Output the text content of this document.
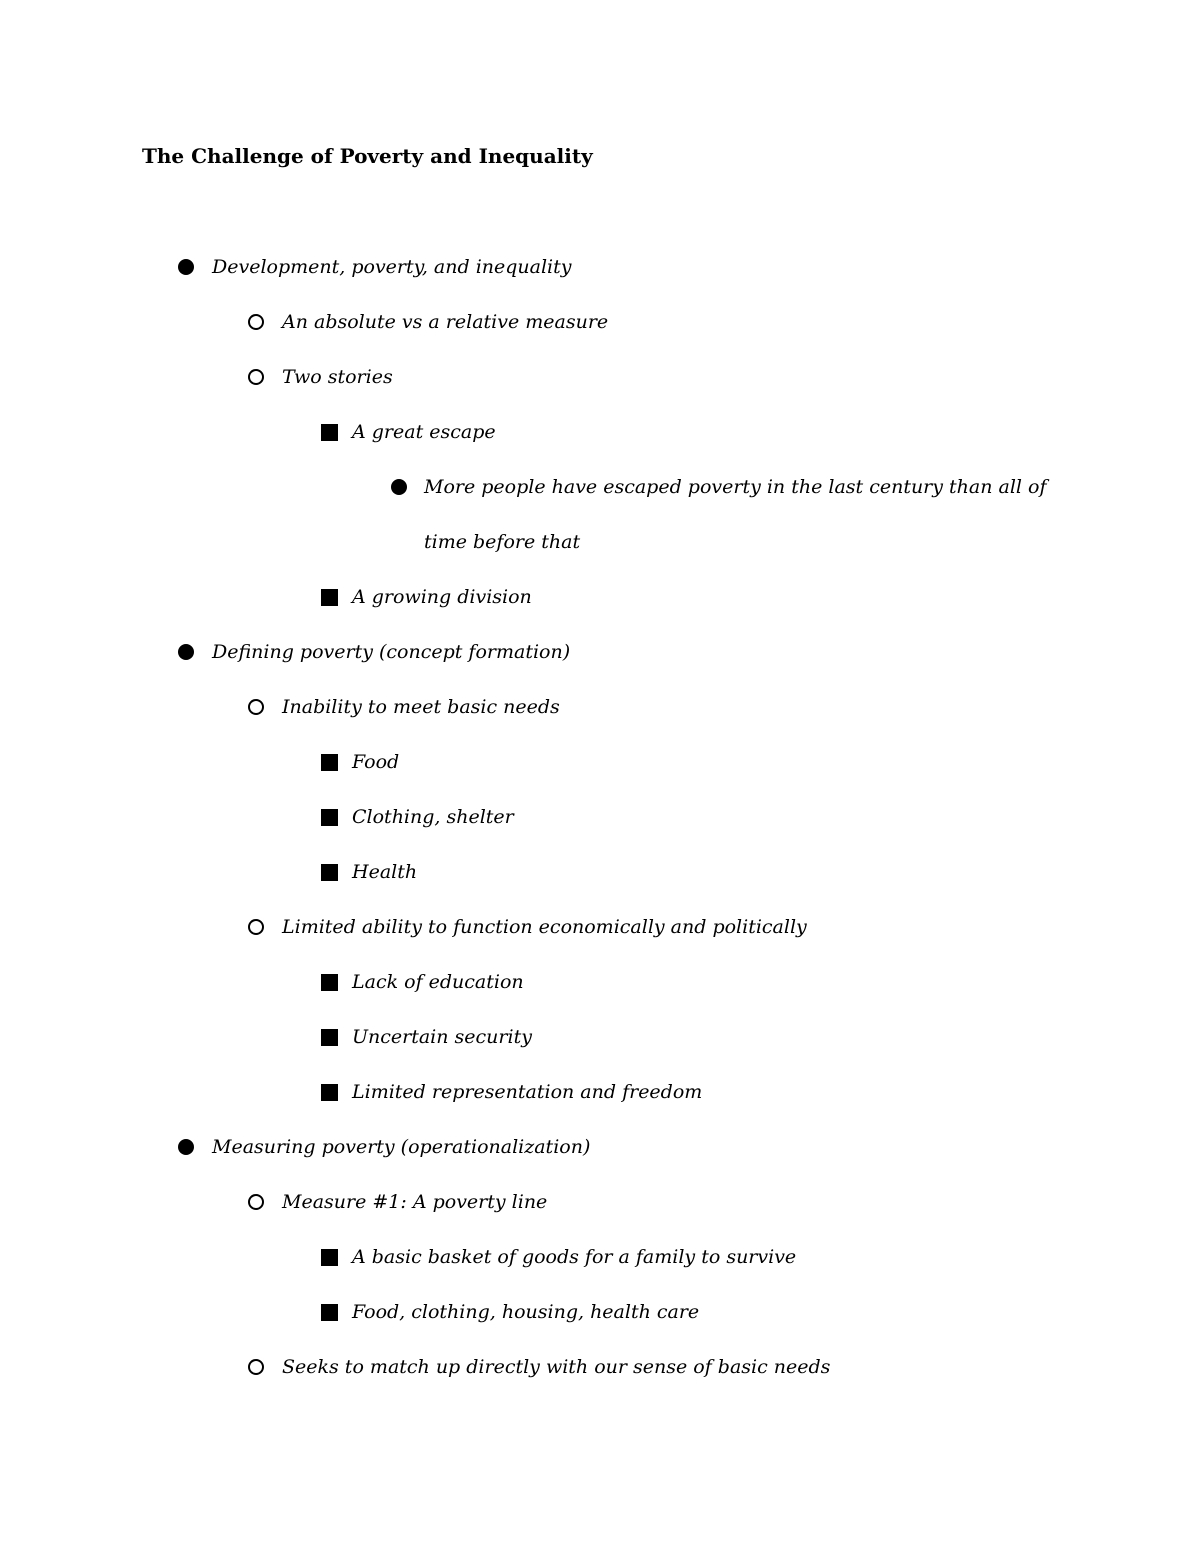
The Challenge of Poverty and Inequality
Development, poverty, and inequality
An absolute vs a relative measure
Two stories
A great escape
More people have escaped poverty in the last century than all of
time before that
A growing division
Defining poverty (concept formation)
Inability to meet basic needs
Food
Clothing, shelter
Health
Limited ability to function economically and politically
Lack of education
Uncertain security
Limited representation and freedom
Measuring poverty (operationalization)
Measure #1: A poverty line
A basic basket of goods for a family to survive
Food, clothing, housing, health care
Seeks to match up directly with our sense of basic needs
